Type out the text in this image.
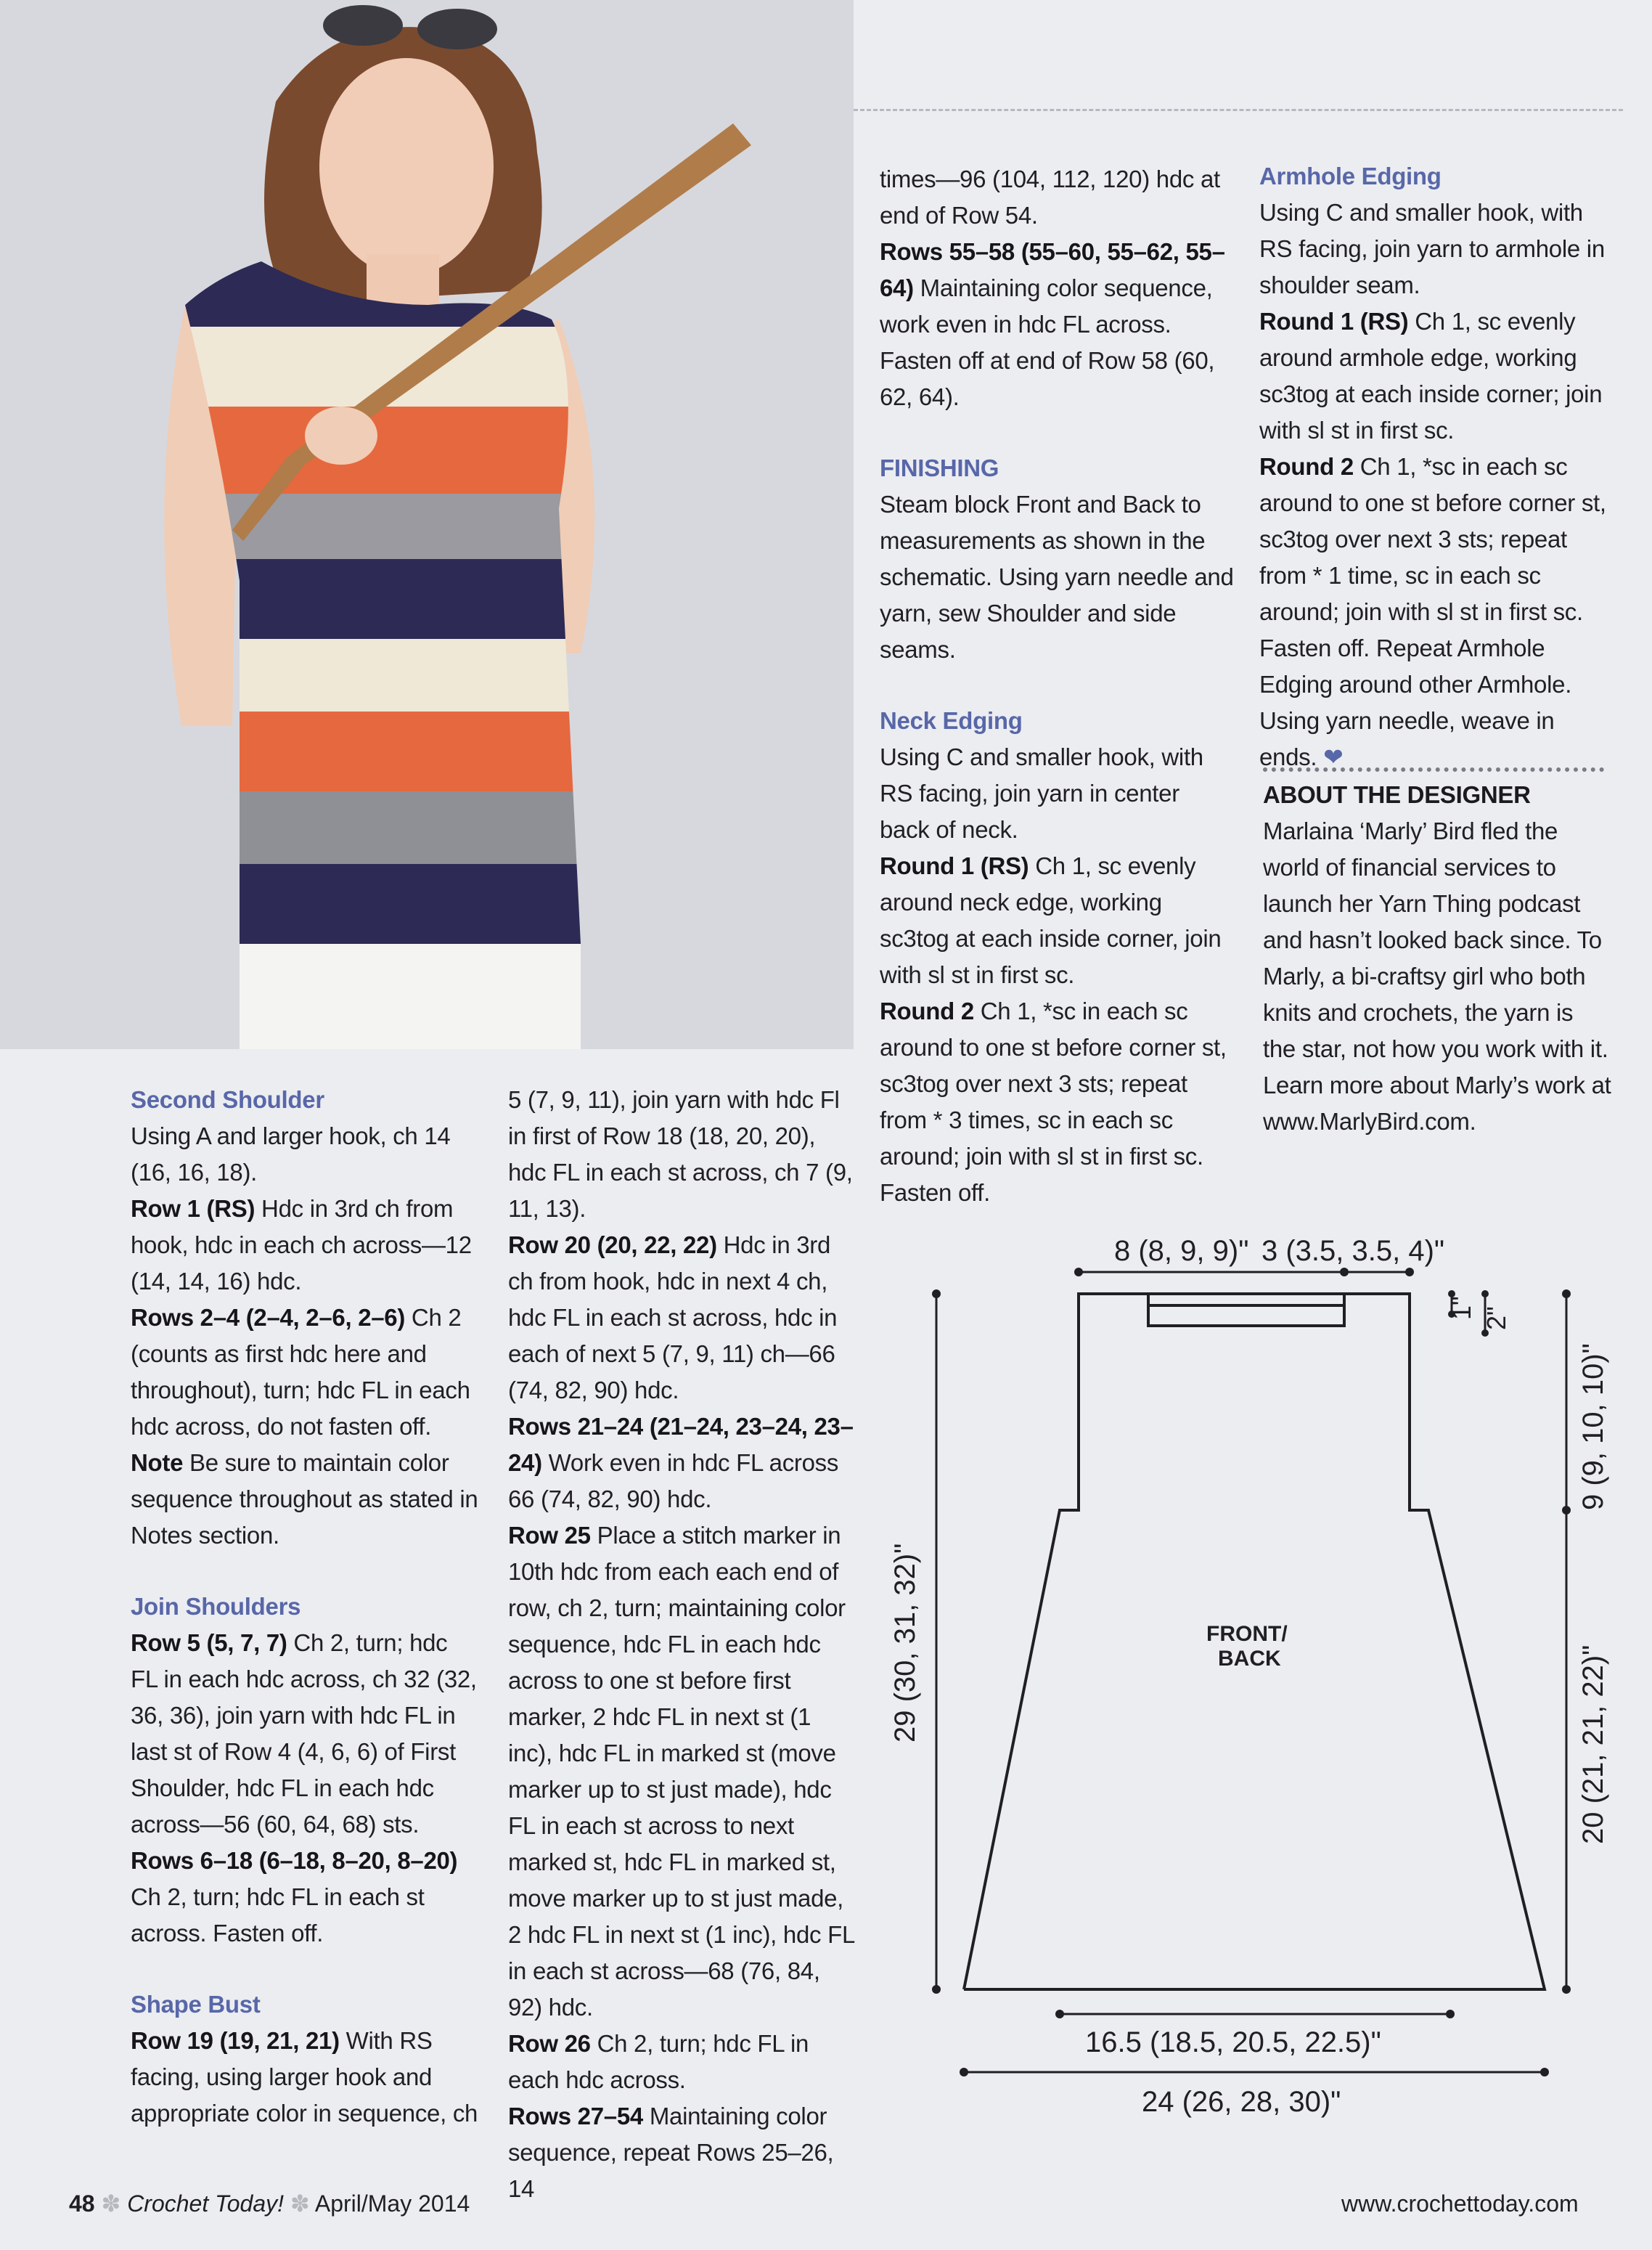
Second Shoulder

Using A and larger hook, ch 14 (16, 16, 18).

Row 1 (RS) Hdc in 3rd ch from hook, hdc in each ch across—12 (14, 14, 16) hdc.

Rows 2–4 (2–4, 2–6, 2–6) Ch 2 (counts as first hdc here and throughout), turn; hdc FL in each hdc across, do not fasten off.

Note Be sure to maintain color sequence throughout as stated in Notes section.

Join Shoulders

Row 5 (5, 7, 7) Ch 2, turn; hdc FL in each hdc across, ch 32 (32, 36, 36), join yarn with hdc FL in last st of Row 4 (4, 6, 6) of First Shoulder, hdc FL in each hdc across—56 (60, 64, 68) sts.

Rows 6–18 (6–18, 8–20, 8–20) Ch 2, turn; hdc FL in each st across. Fasten off.

Shape Bust

Row 19 (19, 21, 21) With RS facing, using larger hook and appropriate color in sequence, ch

5 (7, 9, 11), join yarn with hdc Fl in first of Row 18 (18, 20, 20), hdc FL in each st across, ch 7 (9, 11, 13).

Row 20 (20, 22, 22) Hdc in 3rd ch from hook, hdc in next 4 ch, hdc FL in each st across, hdc in each of next 5 (7, 9, 11) ch—66 (74, 82, 90) hdc.

Rows 21–24 (21–24, 23–24, 23–24) Work even in hdc FL across 66 (74, 82, 90) hdc.

Row 25 Place a stitch marker in 10th hdc from each each end of row, ch 2, turn; maintaining color sequence, hdc FL in each hdc across to one st before first marker, 2 hdc FL in next st (1 inc), hdc FL in marked st (move marker up to st just made), hdc FL in each st across to next marked st, hdc FL in marked st, move marker up to st just made, 2 hdc FL in next st (1 inc), hdc FL in each st across—68 (76, 84, 92) hdc.

Row 26 Ch 2, turn; hdc FL in each hdc across.

Rows 27–54 Maintaining color sequence, repeat Rows 25–26, 14

times—96 (104, 112, 120) hdc at end of Row 54.

Rows 55–58 (55–60, 55–62, 55–64) Maintaining color sequence, work even in hdc FL across. Fasten off at end of Row 58 (60, 62, 64).

FINISHING

Steam block Front and Back to measurements as shown in the schematic. Using yarn needle and yarn, sew Shoulder and side seams.

Neck Edging

Using C and smaller hook, with RS facing, join yarn in center back of neck.

Round 1 (RS) Ch 1, sc evenly around neck edge, working sc3tog at each inside corner, join with sl st in first sc.

Round 2 Ch 1, *sc in each sc around to one st before corner st, sc3tog over next 3 sts; repeat from * 3 times, sc in each sc around; join with sl st in first sc. Fasten off.

Armhole Edging

Using C and smaller hook, with RS facing, join yarn to armhole in shoulder seam.

Round 1 (RS) Ch 1, sc evenly around armhole edge, working sc3tog at each inside corner; join with sl st in first sc.

Round 2 Ch 1, *sc in each sc around to one st before corner st, sc3tog over next 3 sts; repeat from * 1 time, sc in each sc around; join with sl st in first sc. Fasten off. Repeat Armhole Edging around other Armhole. Using yarn needle, weave in ends. ❤

ABOUT THE DESIGNER

Marlaina ‘Marly’ Bird fled the world of financial services to launch her Yarn Thing podcast and hasn’t looked back since. To Marly, a bi-craftsy girl who both knits and crochets, the yarn is the star, not how you work with it. Learn more about Marly’s work at www.MarlyBird.com.

8 (8, 9, 9)" 3 (3.5, 3.5, 4)"
1" 2"
9 (9, 10, 10)"
20 (21, 21, 22)"
29 (30, 31, 32)"
16.5 (18.5, 20.5, 22.5)"
24 (26, 28, 30)"
FRONT/
BACK
48 ✽ Crochet Today! ✽ April/May 2014	www.crochettoday.com
